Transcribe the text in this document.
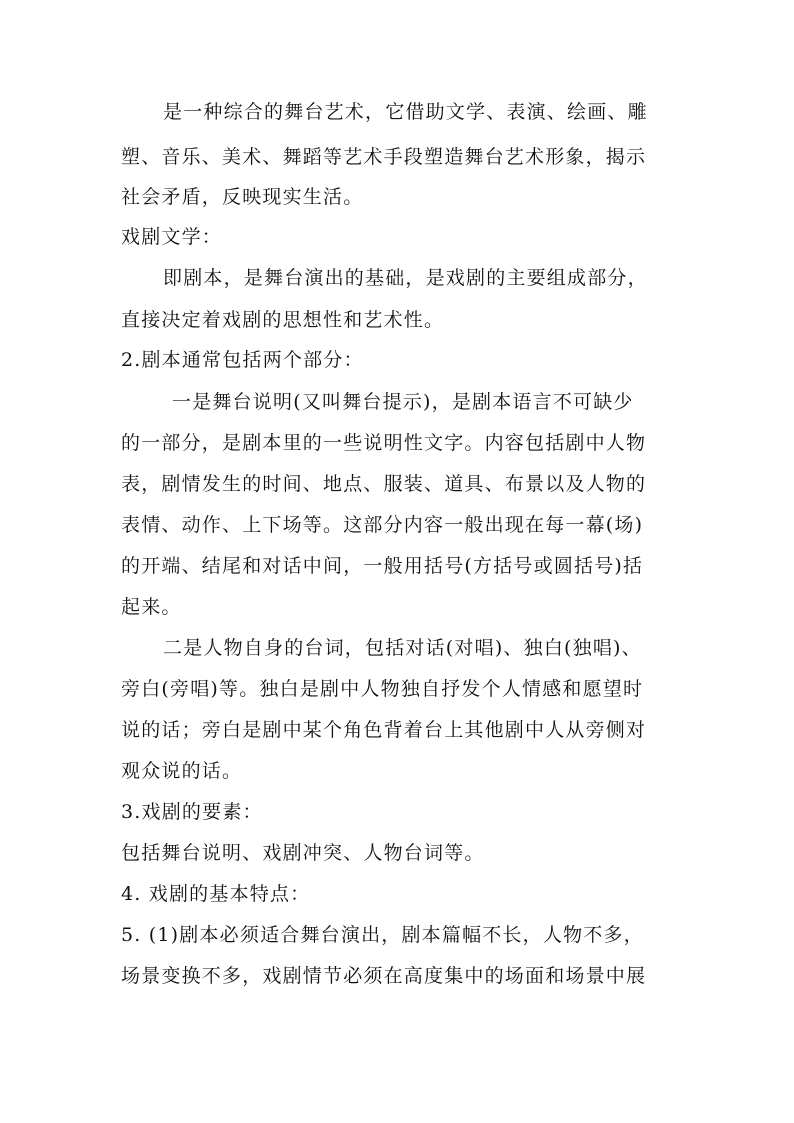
是一种综合的舞台艺术，它借助文学、表演、绘画、雕

塑、音乐、美术、舞蹈等艺术手段塑造舞台艺术形象，揭示

社会矛盾，反映现实生活。

戏剧文学：

即剧本，是舞台演出的基础，是戏剧的主要组成部分，

直接决定着戏剧的思想性和艺术性。

2.剧本通常包括两个部分：

一是舞台说明(又叫舞台提示)，是剧本语言不可缺少

的一部分，是剧本里的一些说明性文字。内容包括剧中人物

表，剧情发生的时间、地点、服装、道具、布景以及人物的

表情、动作、上下场等。这部分内容一般出现在每一幕(场)

的开端、结尾和对话中间，一般用括号(方括号或圆括号)括

起来。

二是人物自身的台词，包括对话(对唱)、独白(独唱)、

旁白(旁唱)等。独白是剧中人物独自抒发个人情感和愿望时

说的话；旁白是剧中某个角色背着台上其他剧中人从旁侧对

观众说的话。

3.戏剧的要素：

包括舞台说明、戏剧冲突、人物台词等。

4. 戏剧的基本特点：

5. (1)剧本必须适合舞台演出，剧本篇幅不长，人物不多，

场景变换不多，戏剧情节必须在高度集中的场面和场景中展
